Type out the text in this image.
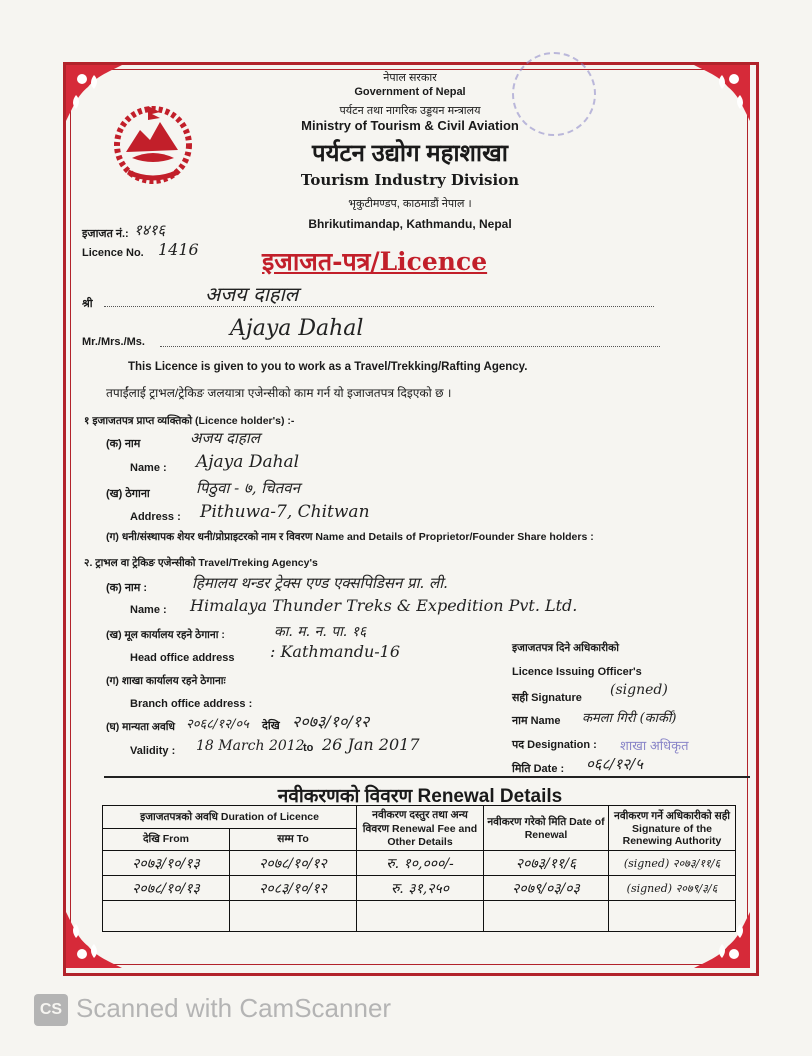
नेपाल सरकार
Government of Nepal
पर्यटन तथा नागरिक उड्डयन मन्त्रालय
Ministry of Tourism & Civil Aviation
पर्यटन उद्योग महाशाखा
Tourism Industry Division
भृकुटीमण्डप, काठमाडौं नेपाल ।
Bhrikutimandap, Kathmandu, Nepal
इजाजत नं.: १४१६
Licence No. 1416	इजाजत-पत्र/Licence
श्री	अजय दाहाल
Mr./Mrs./Ms.
Ajaya Dahal
This Licence is given to you to work as a Travel/Trekking/Rafting Agency.
तपाईंलाई ट्राभल/ट्रेकिङ जलयात्रा एजेन्सीको काम गर्न यो इजाजतपत्र दिइएको छ ।
१ इजाजतपत्र प्राप्त व्यक्तिको (Licence holder's) :-
(क) नाम	अजय दाहाल
Name : Ajaya Dahal
(ख) ठेगाना	पिठुवा - ७, चितवन
Address : Pithuwa-7, Chitwan
(ग) धनी/संस्थापक शेयर धनी/प्रोप्राइटरको नाम र विवरण Name and Details of Proprietor/Founder Share holders :
२. ट्राभल वा ट्रेकिङ एजेन्सीको Travel/Treking Agency's
(क) नाम :	हिमालय थन्डर ट्रेक्स एण्ड एक्सपिडिसन प्रा. ली.
Name : Himalaya Thunder Treks & Expedition Pvt. Ltd.
(ख) मूल कार्यालय रहने ठेगाना :	का. म. न. पा. १६
Head office address : Kathmandu-16
(ग) शाखा कार्यालय रहने ठेगानाः
Branch office address :
(घ) मान्यता अवधि २०६८/१२/०५ देखि २०७३/१०/१२
Validity : 18 March 2012
to 26 Jan 2017
इजाजतपत्र दिने अधिकारीको
Licence Issuing Officer's
सही Signature (signed)
नाम Name कमला गिरी (कार्की)
पद Designation : शाखा अधिकृत
मिति Date : ०६८/१२/५
नवीकरणको विवरण Renewal Details
इजाजतपत्रको अवधि Duration of Licence		नवीकरण दस्तुर तथा अन्य विवरण Renewal Fee and Other Details	नवीकरण गरेको मिति Date of Renewal	नवीकरण गर्ने अधिकारीको सही Signature of the Renewing Authority
देखि From	सम्म To			
२०७३/१०/१३	२०७८/१०/१२	रु. १०,०००/-	२०७३/११/६	(signed) २०७३/११/६
२०७८/१०/१३	२०८३/१०/१२	रु. ३१,२५०	२०७९/०३/०३	(signed) २०७९/३/६

CS Scanned with CamScanner
